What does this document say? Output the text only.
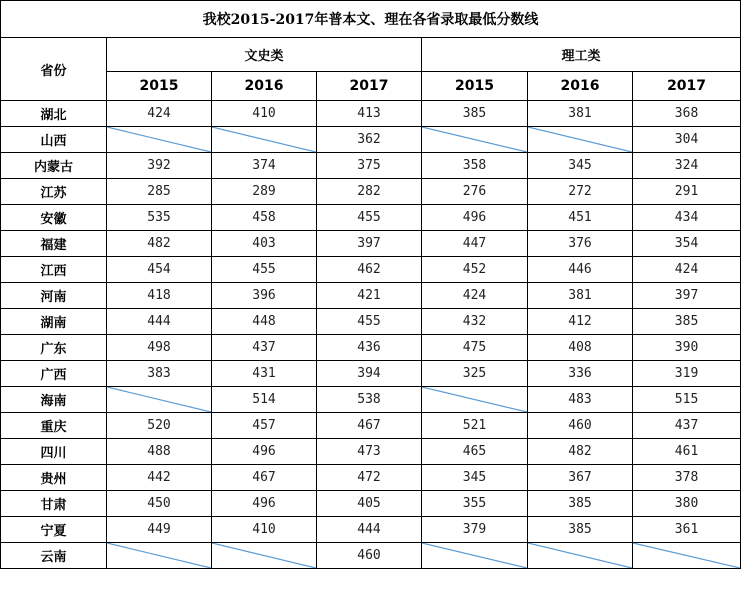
我校2015-2017年普本文、理在各省录取最低分数线						
省份	文史类			理工类		
	2015	2016	2017	2015	2016	2017
湖北	424	410	413	385	381	368
山西			362			304
内蒙古	392	374	375	358	345	324
江苏	285	289	282	276	272	291
安徽	535	458	455	496	451	434
福建	482	403	397	447	376	354
江西	454	455	462	452	446	424
河南	418	396	421	424	381	397
湖南	444	448	455	432	412	385
广东	498	437	436	475	408	390
广西	383	431	394	325	336	319
海南		514	538		483	515
重庆	520	457	467	521	460	437
四川	488	496	473	465	482	461
贵州	442	467	472	345	367	378
甘肃	450	496	405	355	385	380
宁夏	449	410	444	379	385	361
云南			460	
